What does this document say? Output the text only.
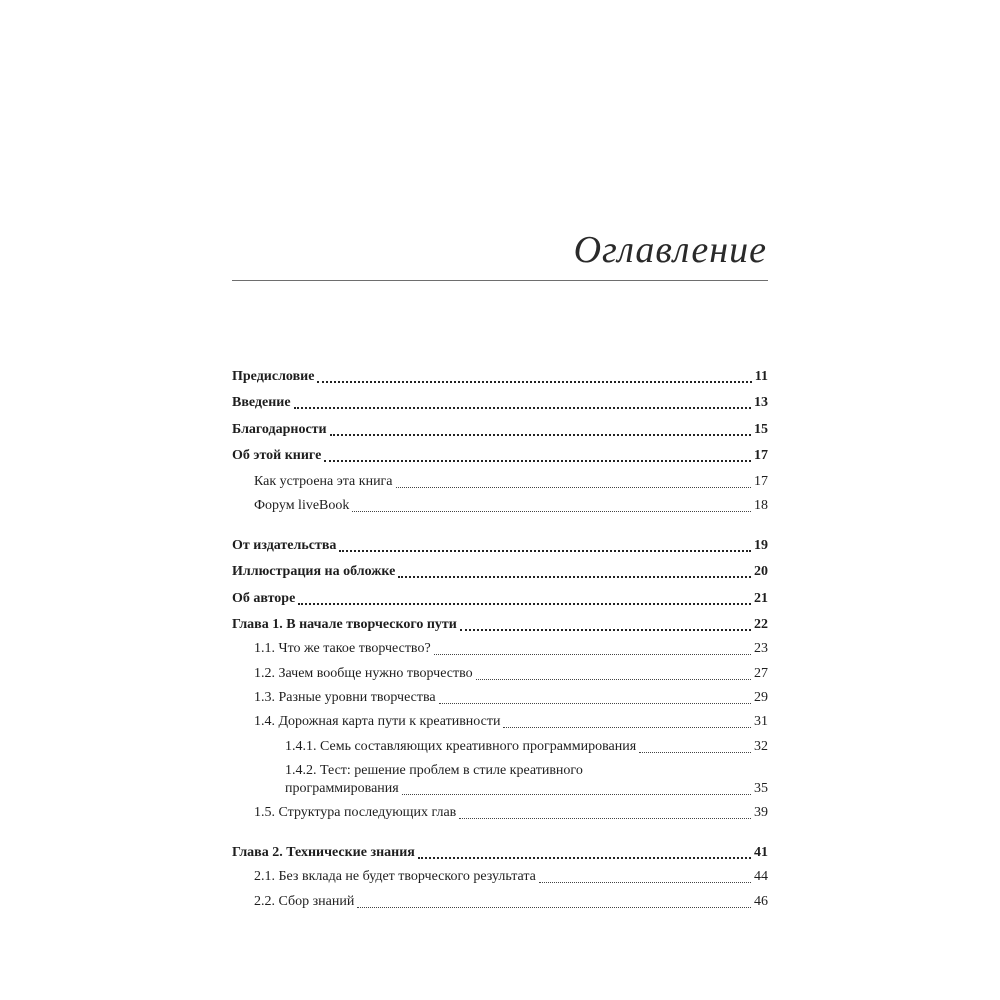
Оглавление
Предисловие	11
Введение	13
Благодарности	15
Об этой книге	17
Как устроена эта книга	17
Форум liveBook	18
От издательства	19
Иллюстрация на обложке	20
Об авторе	21
Глава 1. В начале творческого пути	22
1.1. Что же такое творчество?	23
1.2. Зачем вообще нужно творчество	27
1.3. Разные уровни творчества	29
1.4. Дорожная карта пути к креативности	31
1.4.1. Семь составляющих креативного программирования	32
1.4.2. Тест: решение проблем в стиле креативного
программирования	35
1.5. Структура последующих глав	39
Глава 2. Технические знания	41
2.1. Без вклада не будет творческого результата	44
2.2. Сбор знаний	46
